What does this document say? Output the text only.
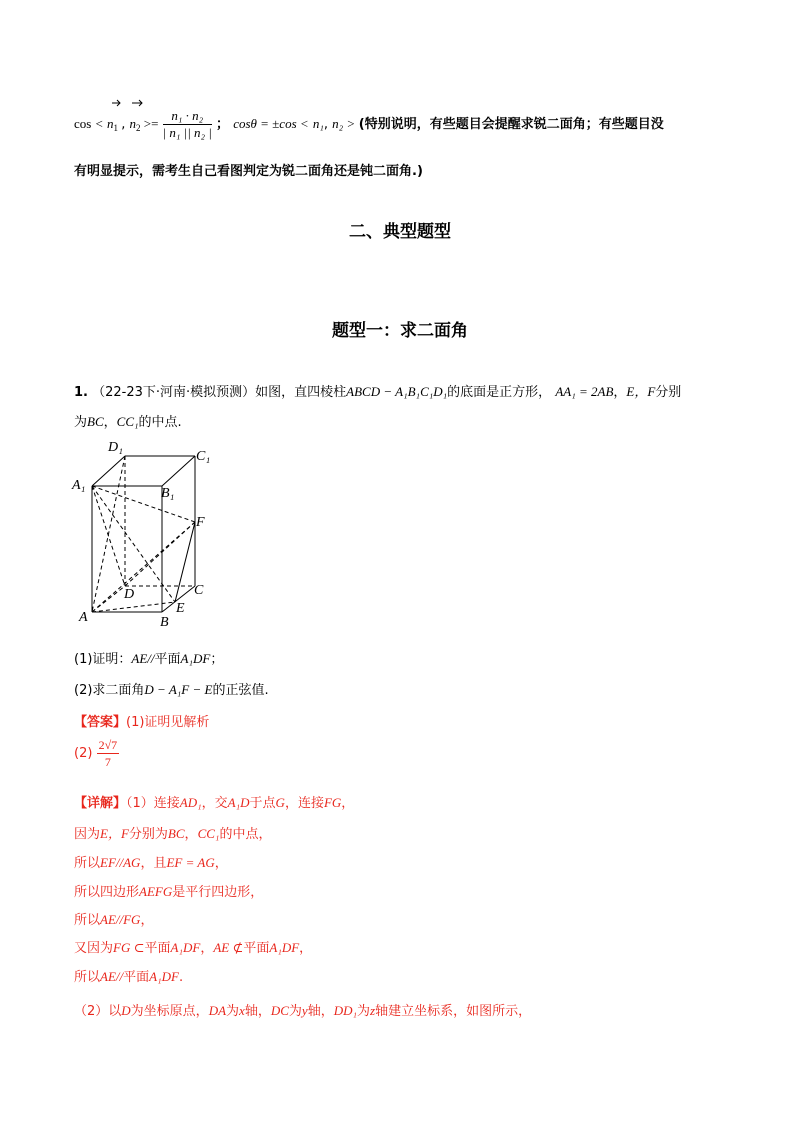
$\cos < n_1$ , $n_2 >= \frac{\text{n₁ · n₂}}{\text{| n₁ || n₂ |}}$ ； cosθ = ±cos < n₁, n₂ > (特别说明，有些题目会提醒求锐二面角；有些题目没
有明显提示，需考生自己看图判定为锐二面角还是钝二面角.)
二、典型题型
题型一：求二面角
1. （22-23下·河南·模拟预测）如图，直四棱柱ABCD − A₁B₁C₁D₁的底面是正方形， AA₁ = 2AB，E，F分别
为BC，CC₁的中点.
D₁
C₁
A₁
B₁
F
D	C
E
A	B
(1)证明：AE//平面A₁DF；
(2)求二面角D − A₁F − E的正弦值.
【答案】(1)证明见解析
$(2) \frac{2√7}{7}$
【详解】（1）连接AD₁，交A₁D于点G，连接FG，
因为E，F分别为BC，CC₁的中点，
所以EF//AG，且EF = AG，
所以四边形AEFG是平行四边形，
所以AE//FG，
又因为FG ⊂平面A₁DF，AE ⊄平面A₁DF，
所以AE//平面A₁DF.
（2）以D为坐标原点，DA为x轴，DC为y轴，DD₁为z轴建立坐标系，如图所示，
